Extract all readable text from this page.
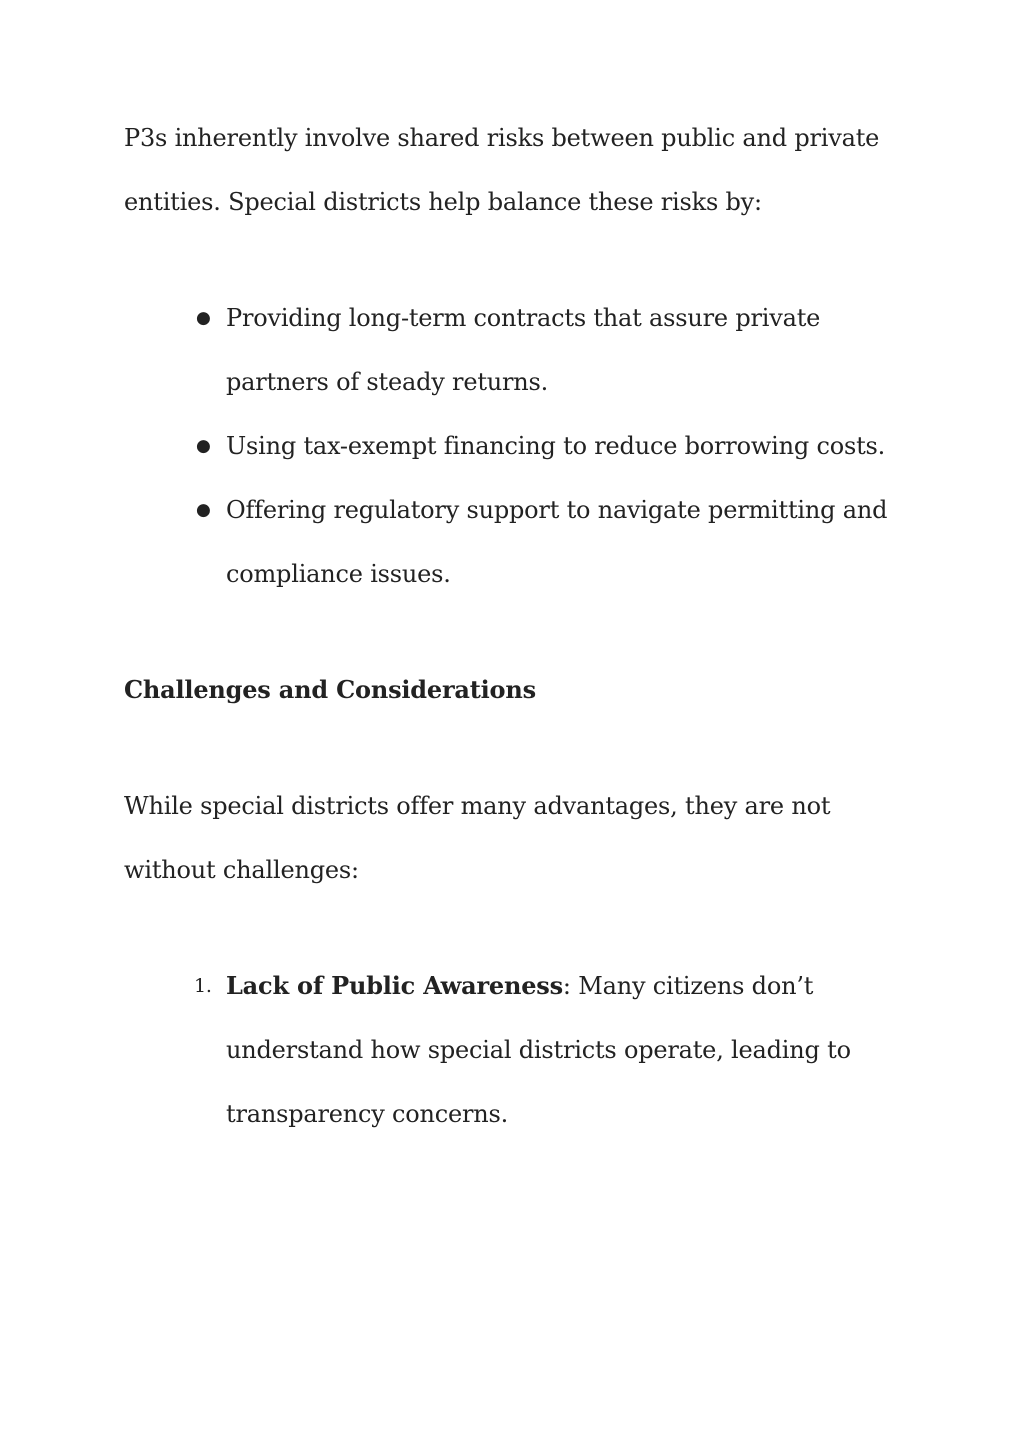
P3s inherently involve shared risks between public and private entities. Special districts help balance these risks by:

● Providing long-term contracts that assure private partners of steady returns.
● Using tax-exempt financing to reduce borrowing costs.
● Offering regulatory support to navigate permitting and compliance issues.

Challenges and Considerations

While special districts offer many advantages, they are not without challenges:

1. Lack of Public Awareness: Many citizens don’t understand how special districts operate, leading to transparency concerns.
